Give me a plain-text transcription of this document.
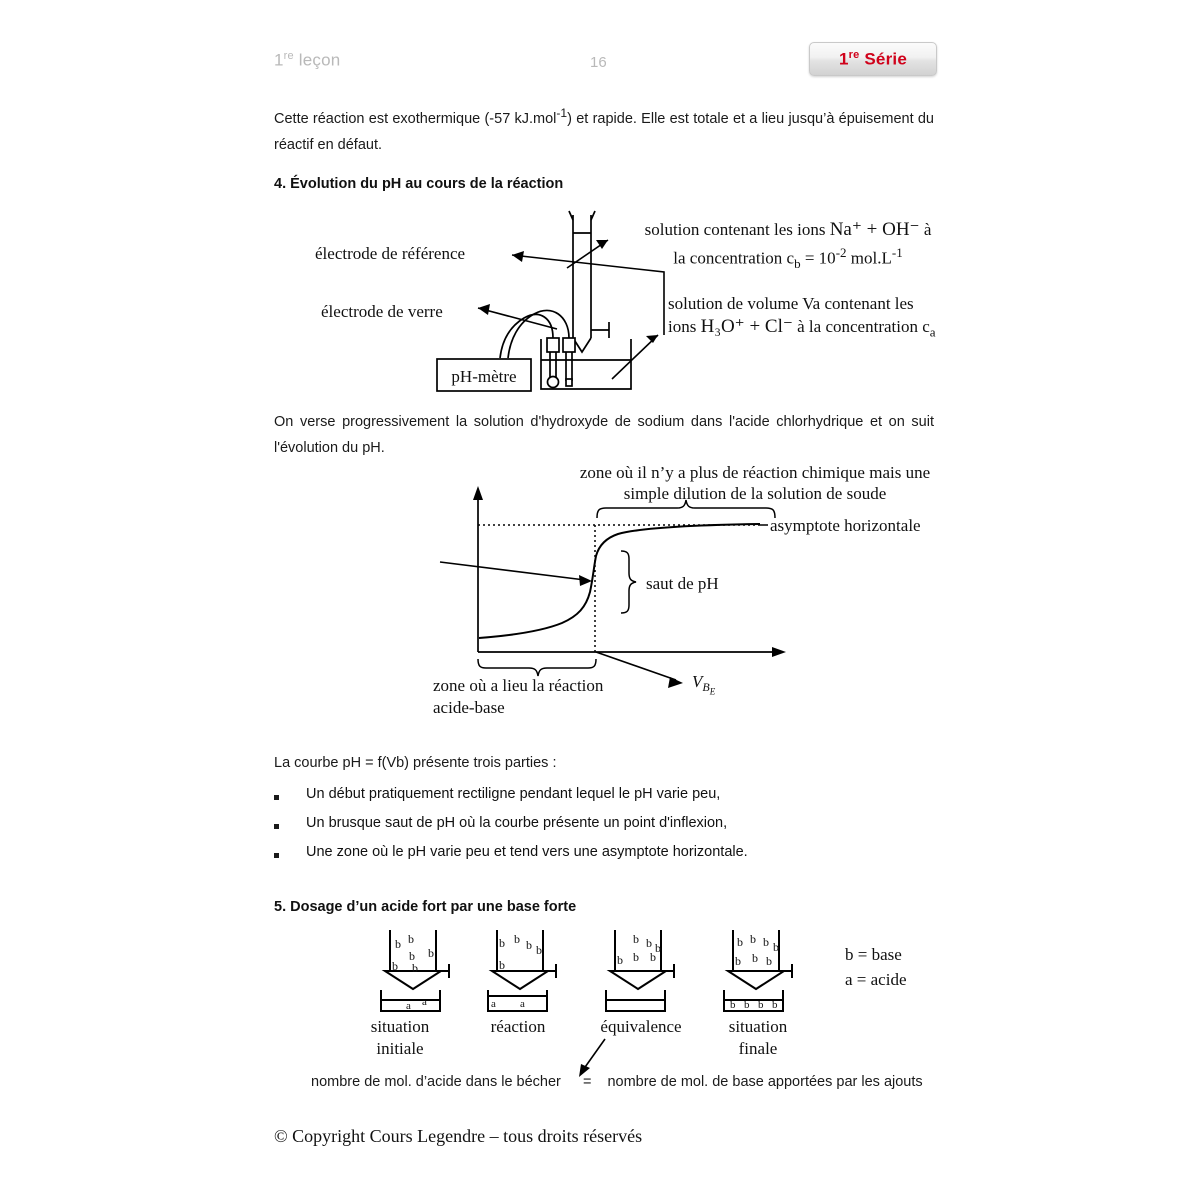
1re leçon	16	1re Série
Cette réaction est exothermique (-57 kJ.mol$^{-1}$) et rapide. Elle est totale et a lieu jusqu’à épuisement du réactif en défaut.
4. Évolution du pH au cours de la réaction
électrode de référence
électrode de verre
pH-mètre
solution contenant les ions Na⁺ + OH⁻ à
la concentration $c_b = 10^{-2}$ $mol.L^{-1}$
solution de volume Va contenant les
ions H₃O⁺ + Cl⁻ à la concentration $c_a$
On verse progressivement la solution d'hydroxyde de sodium dans l'acide chlorhydrique et on suit l'évolution du pH.
zone où il n’y a plus de réaction chimique mais une
simple dilution de la solution de soude
asymptote horizontale
saut de pH
zone où a lieu la réaction
acide-base
$V_{B_E}$
La courbe pH = f(Vb) présente trois parties :
Un début pratiquement rectiligne pendant lequel le pH varie peu,
Un brusque saut de pH où la courbe présente un point d'inflexion,
Une zone où le pH varie peu et tend vers une asymptote horizontale.
5. Dosage d’un acide fort par une base forte
b b
b
b
b b
a a
b b b b
b
a a
b b b
b b b
b b b b
b b b
b b b b
situation
initiale
réaction	équivalence	situation
finale
b = base
a = acide
nombre de mol. d’acide dans le bécher = nombre de mol. de base apportées par les ajouts
© Copyright Cours Legendre – tous droits réservés
